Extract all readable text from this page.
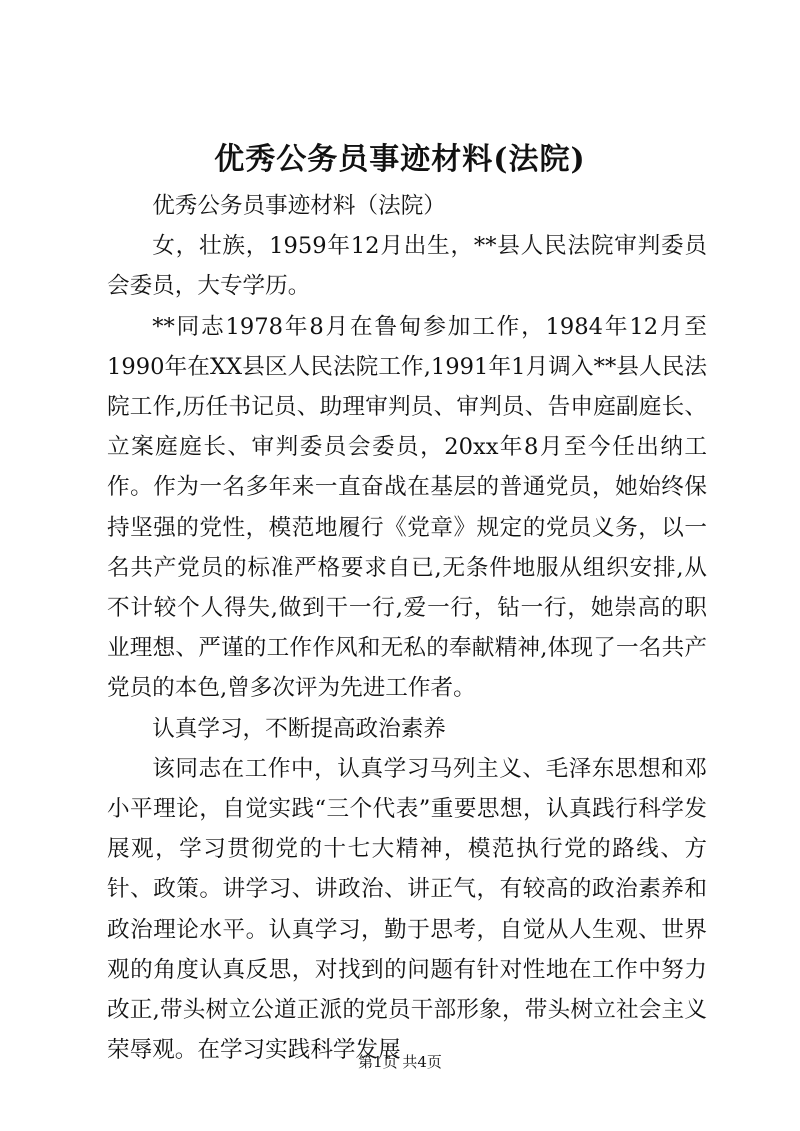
优秀公务员事迹材料(法院)

优秀公务员事迹材料（法院）

女，壮族，1959年12月出生，**县人民法院审判委员会委员，大专学历。

**同志1978年8月在鲁甸参加工作，1984年12月至1990年在XX县区人民法院工作,1991年1月调入**县人民法院工作,历任书记员、助理审判员、审判员、告申庭副庭长、立案庭庭长、审判委员会委员，20xx年8月至今任出纳工作。作为一名多年来一直奋战在基层的普通党员，她始终保持坚强的党性，模范地履行《党章》规定的党员义务，以一名共产党员的标准严格要求自已,无条件地服从组织安排,从不计较个人得失,做到干一行,爱一行，钻一行，她崇高的职业理想、严谨的工作作风和无私的奉献精神,体现了一名共产党员的本色,曾多次评为先进工作者。

认真学习，不断提高政治素养

该同志在工作中，认真学习马列主义、毛泽东思想和邓小平理论，自觉实践“三个代表”重要思想，认真践行科学发展观，学习贯彻党的十七大精神，模范执行党的路线、方针、政策。讲学习、讲政治、讲正气，有较高的政治素养和政治理论水平。认真学习，勤于思考，自觉从人生观、世界观的角度认真反思，对找到的问题有针对性地在工作中努力改正,带头树立公道正派的党员干部形象，带头树立社会主义荣辱观。在学习实践科学发展

第1页 共4页
